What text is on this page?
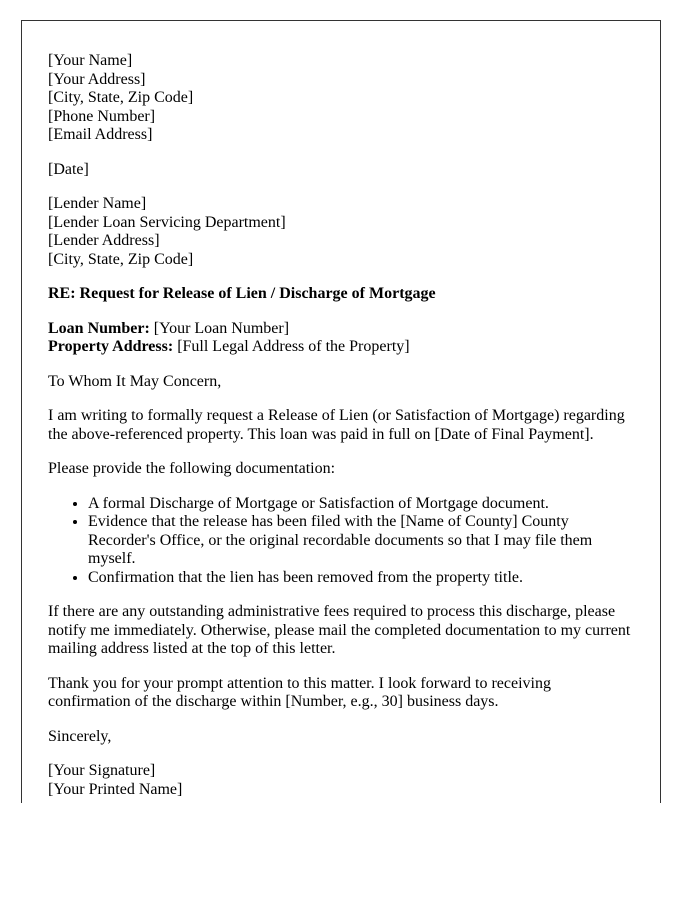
[Your Name]
[Your Address]
[City, State, Zip Code]
[Phone Number]
[Email Address]

[Date]

[Lender Name]
[Lender Loan Servicing Department]
[Lender Address]
[City, State, Zip Code]

RE: Request for Release of Lien / Discharge of Mortgage

Loan Number: [Your Loan Number]
Property Address: [Full Legal Address of the Property]

To Whom It May Concern,

I am writing to formally request a Release of Lien (or Satisfaction of Mortgage) regarding the above-referenced property. This loan was paid in full on [Date of Final Payment].

Please provide the following documentation:

• A formal Discharge of Mortgage or Satisfaction of Mortgage document.
• Evidence that the release has been filed with the [Name of County] County Recorder's Office, or the original recordable documents so that I may file them myself.
• Confirmation that the lien has been removed from the property title.

If there are any outstanding administrative fees required to process this discharge, please notify me immediately. Otherwise, please mail the completed documentation to my current mailing address listed at the top of this letter.

Thank you for your prompt attention to this matter. I look forward to receiving confirmation of the discharge within [Number, e.g., 30] business days.

Sincerely,

[Your Signature]
[Your Printed Name]
